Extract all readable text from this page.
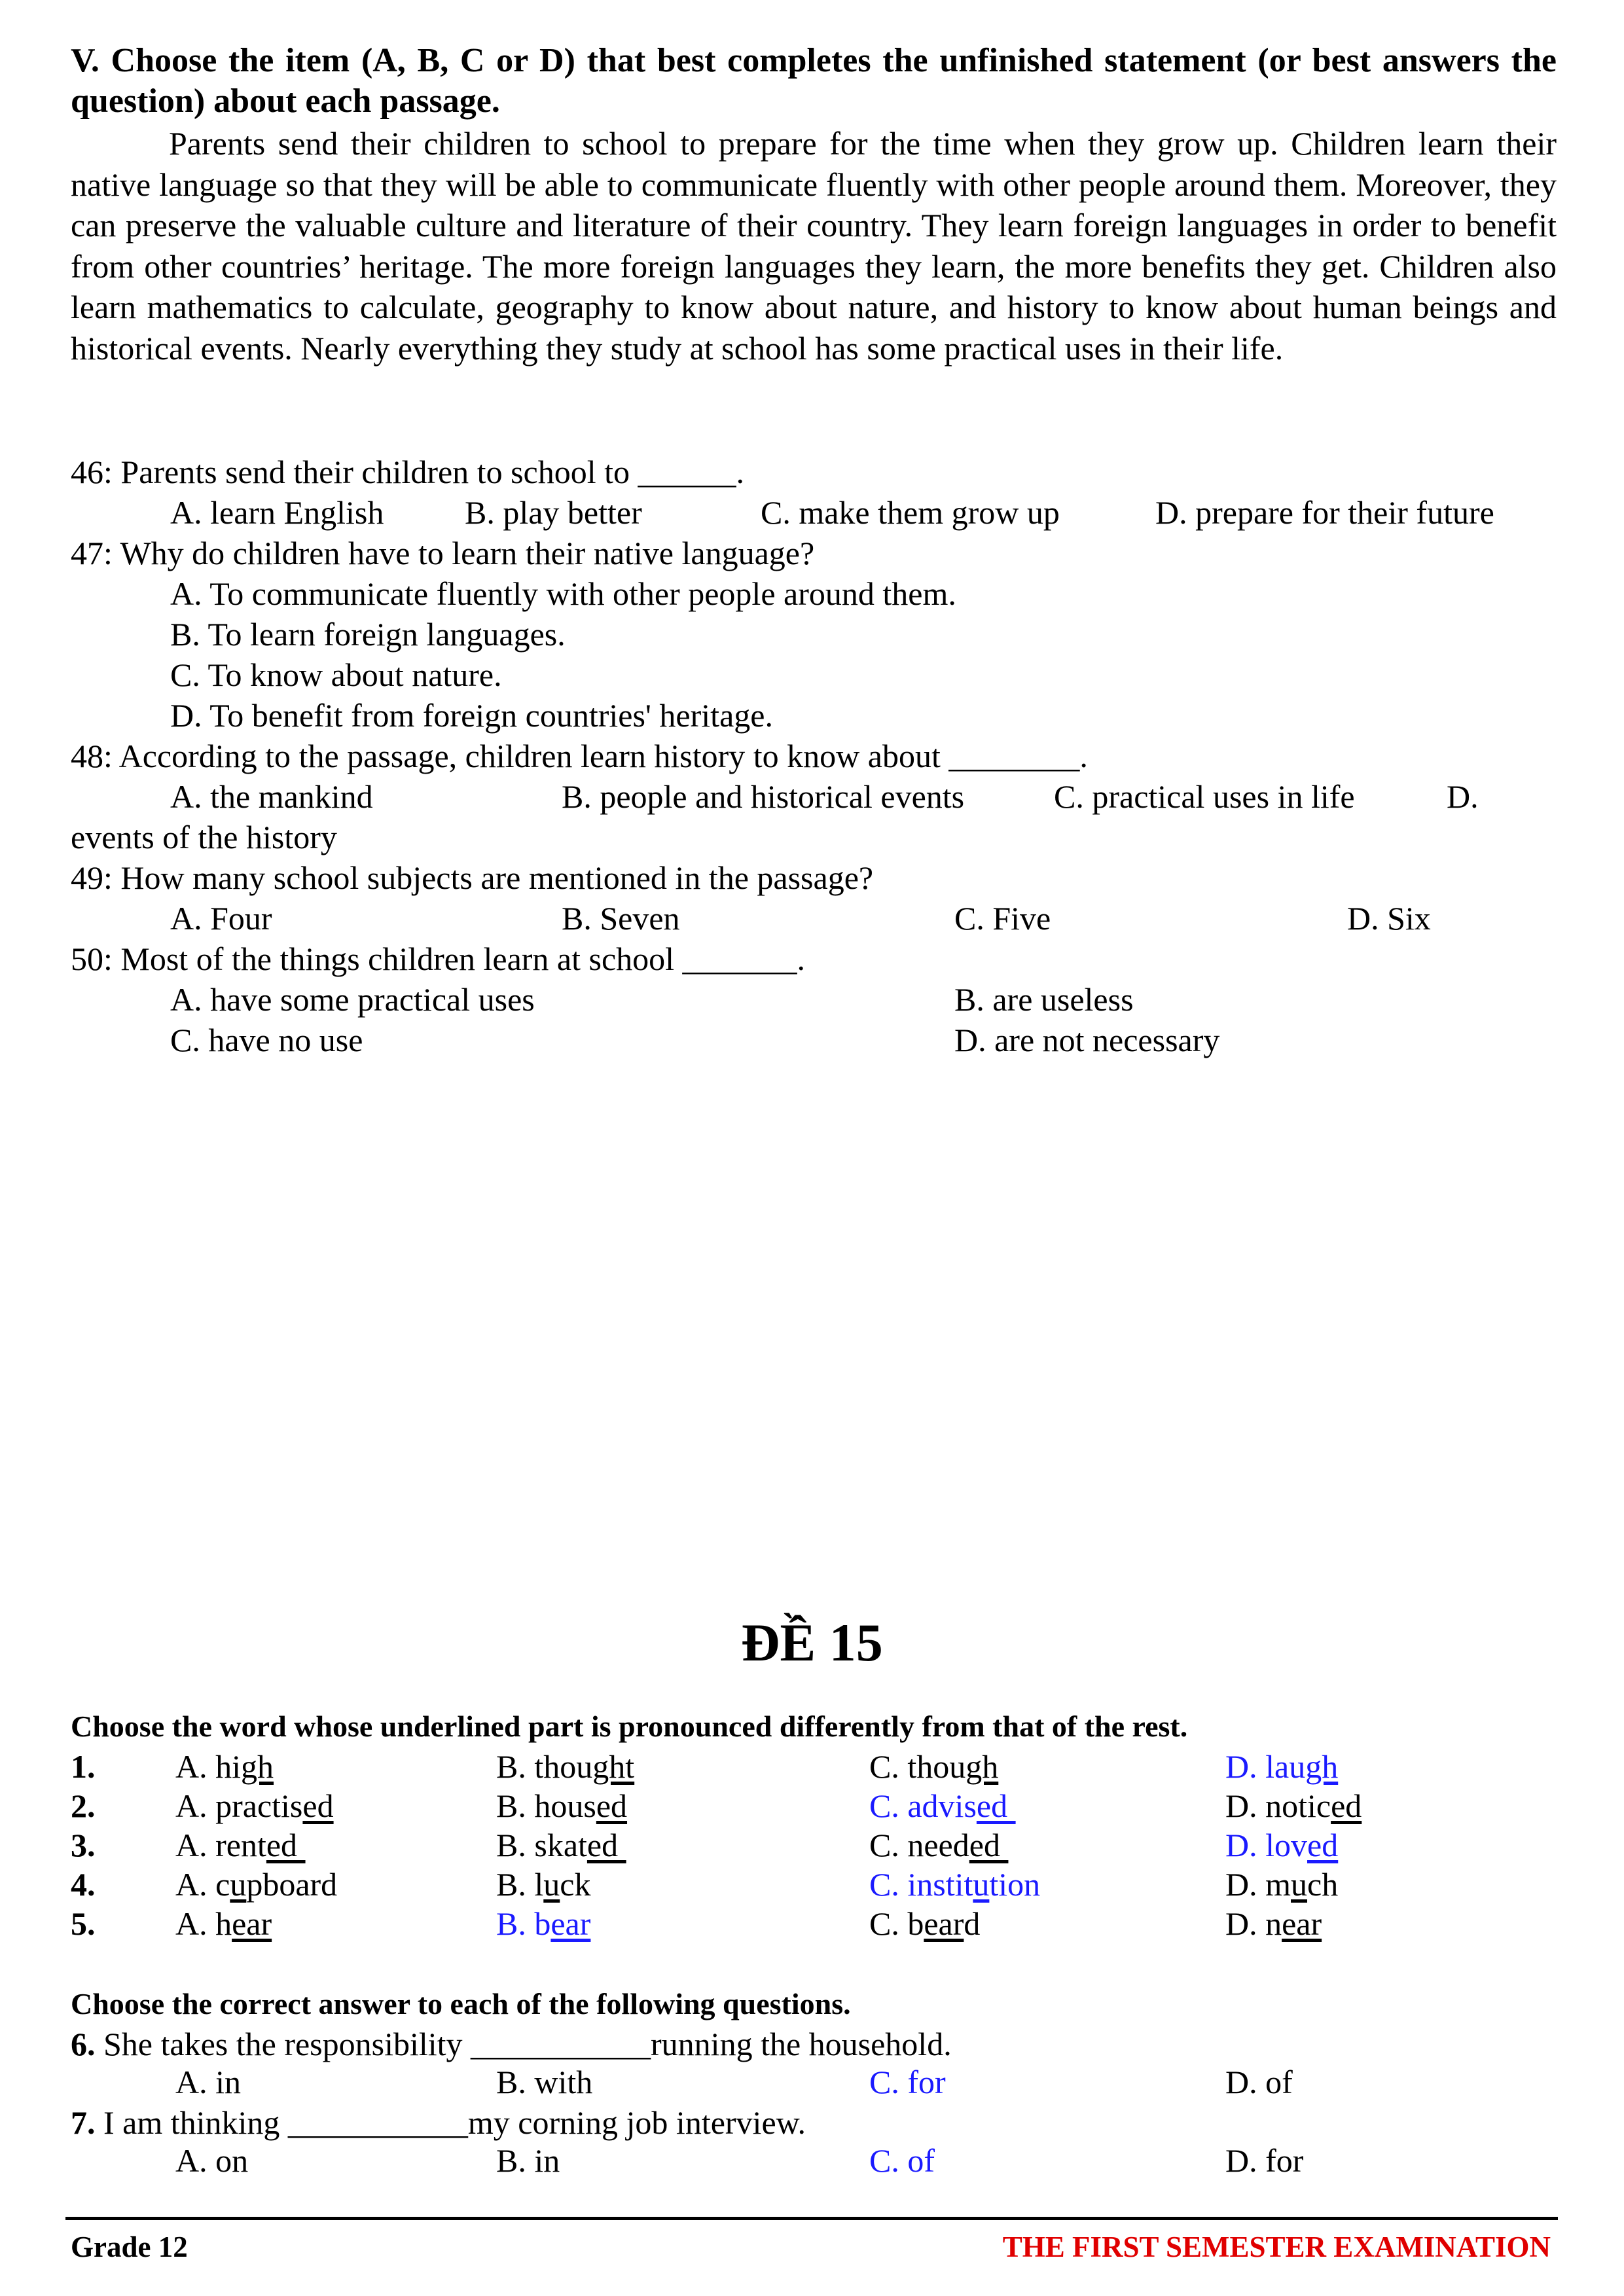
V. Choose the item (A, B, C or D) that best completes the unfinished statement (or best answers the question) about each passage.
Parents send their children to school to prepare for the time when they grow up. Children learn their native language so that they will be able to communicate fluently with other people around them. Moreover, they can preserve the valuable culture and literature of their country. They learn foreign languages in order to benefit from other countries’ heritage. The more foreign languages they learn, the more benefits they get. Children also learn mathematics to calculate, geography to know about nature, and history to know about human beings and historical events. Nearly everything they study at school has some practical uses in their life.
46: Parents send their children to school to ______.
A. learn English B. play better	C. make them grow up	D. prepare for their future
47: Why do children have to learn their native language?
A. To communicate fluently with other people around them.
B. To learn foreign languages.
C. To know about nature.
D. To benefit from foreign countries' heritage.
48: According to the passage, children learn history to know about ________.
A. the mankind	B. people and historical events	C. practical uses in life	D.
events of the history
49: How many school subjects are mentioned in the passage?
A. Four	B. Seven	C. Five	D. Six
50: Most of the things children learn at school _______.
A. have some practical uses	B. are useless
C. have no use	D. are not necessary
ĐỀ 15
Choose the word whose underlined part is pronounced differently from that of the rest.
1. A. high	B. thought	C. though	D. laugh
2. A. practised	B. housed	C. advised	D. noticed
3. A. rented	B. skated	C. needed	D. loved
4. A. cupboard	B. luck	C. institution	D. much
5. A. hear	B. bear	C. beard	D. near
Choose the correct answer to each of the following questions.
6. She takes the responsibility ___________running the household.
A. in	B. with	C. for	D. of
7. I am thinking ___________my corning job interview.
A. on	B. in	C. of	D. for
Grade 12	THE FIRST SEMESTER EXAMINATION
